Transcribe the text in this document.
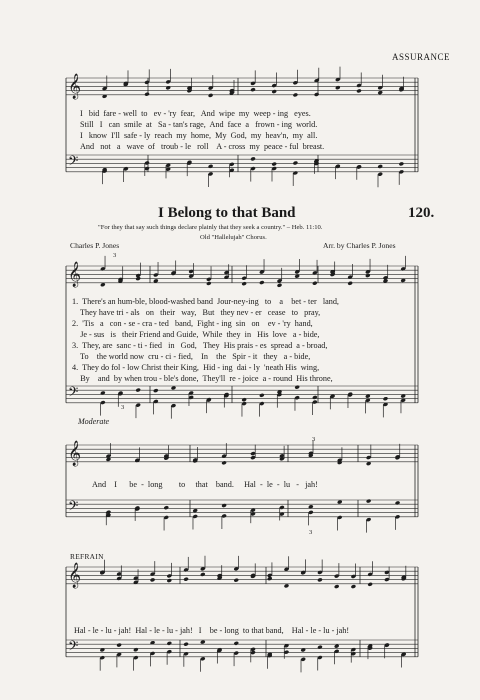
ASSURANCE
𝄞
𝄢
𝄞
𝄢
𝄞
𝄢
𝄞
𝄢
I   bid  fare - well  to   ev - 'ry  fear,   And  wipe  my  weep - ing   eyes.
Still   I   can  smile  at   Sa - tan's rage,  And  face  a   frown - ing  world.
I   know  I'll  safe - ly  reach  my  home,  My  God,  my  heav'n,  my  all.
And   not   a   wave  of   troub - le   roll    A - cross  my  peace - ful  breast.
I Belong to that Band	120.
"For they that say such things declare plainly that they seek a country." – Heb. 11:10.
Old "Hallelujah" Chorus.
Charles P. Jones	Arr. by Charles P. Jones
3
3
3
3
1.  There's an hum-ble, blood-washed band  Jour-ney-ing   to    a    bet - ter   land,
They have tri - als   on   their   way,   But   they nev - er   cease   to   pray,
2.  'Tis   a   con - se - cra - ted   band,  Fight - ing  sin   on    ev - 'ry  hand,
Je - sus   is   their Friend and Guide,  While  they  in   His  love   a - bide,
3.  They, are  sanc - ti - fied   in   God,   They  His prais - es  spread  a - broad,
To    the world now  cru - ci - fied,    In    the   Spir - it   they   a - bide,
4.  They do fol - low Christ their King,  Hid - ing  dai - ly  'neath His  wing,
By    and  by when trou - ble's done,  They'll  re - joice  a - round  His throne,
Moderate
And    I      be  -  long        to     that    band.     Hal  -  le  -  lu   -   jah!
REFRAIN
Hal - le - lu - jah!  Hal - le - lu - jah!   I    be - long  to that band,    Hal - le - lu - jah!
